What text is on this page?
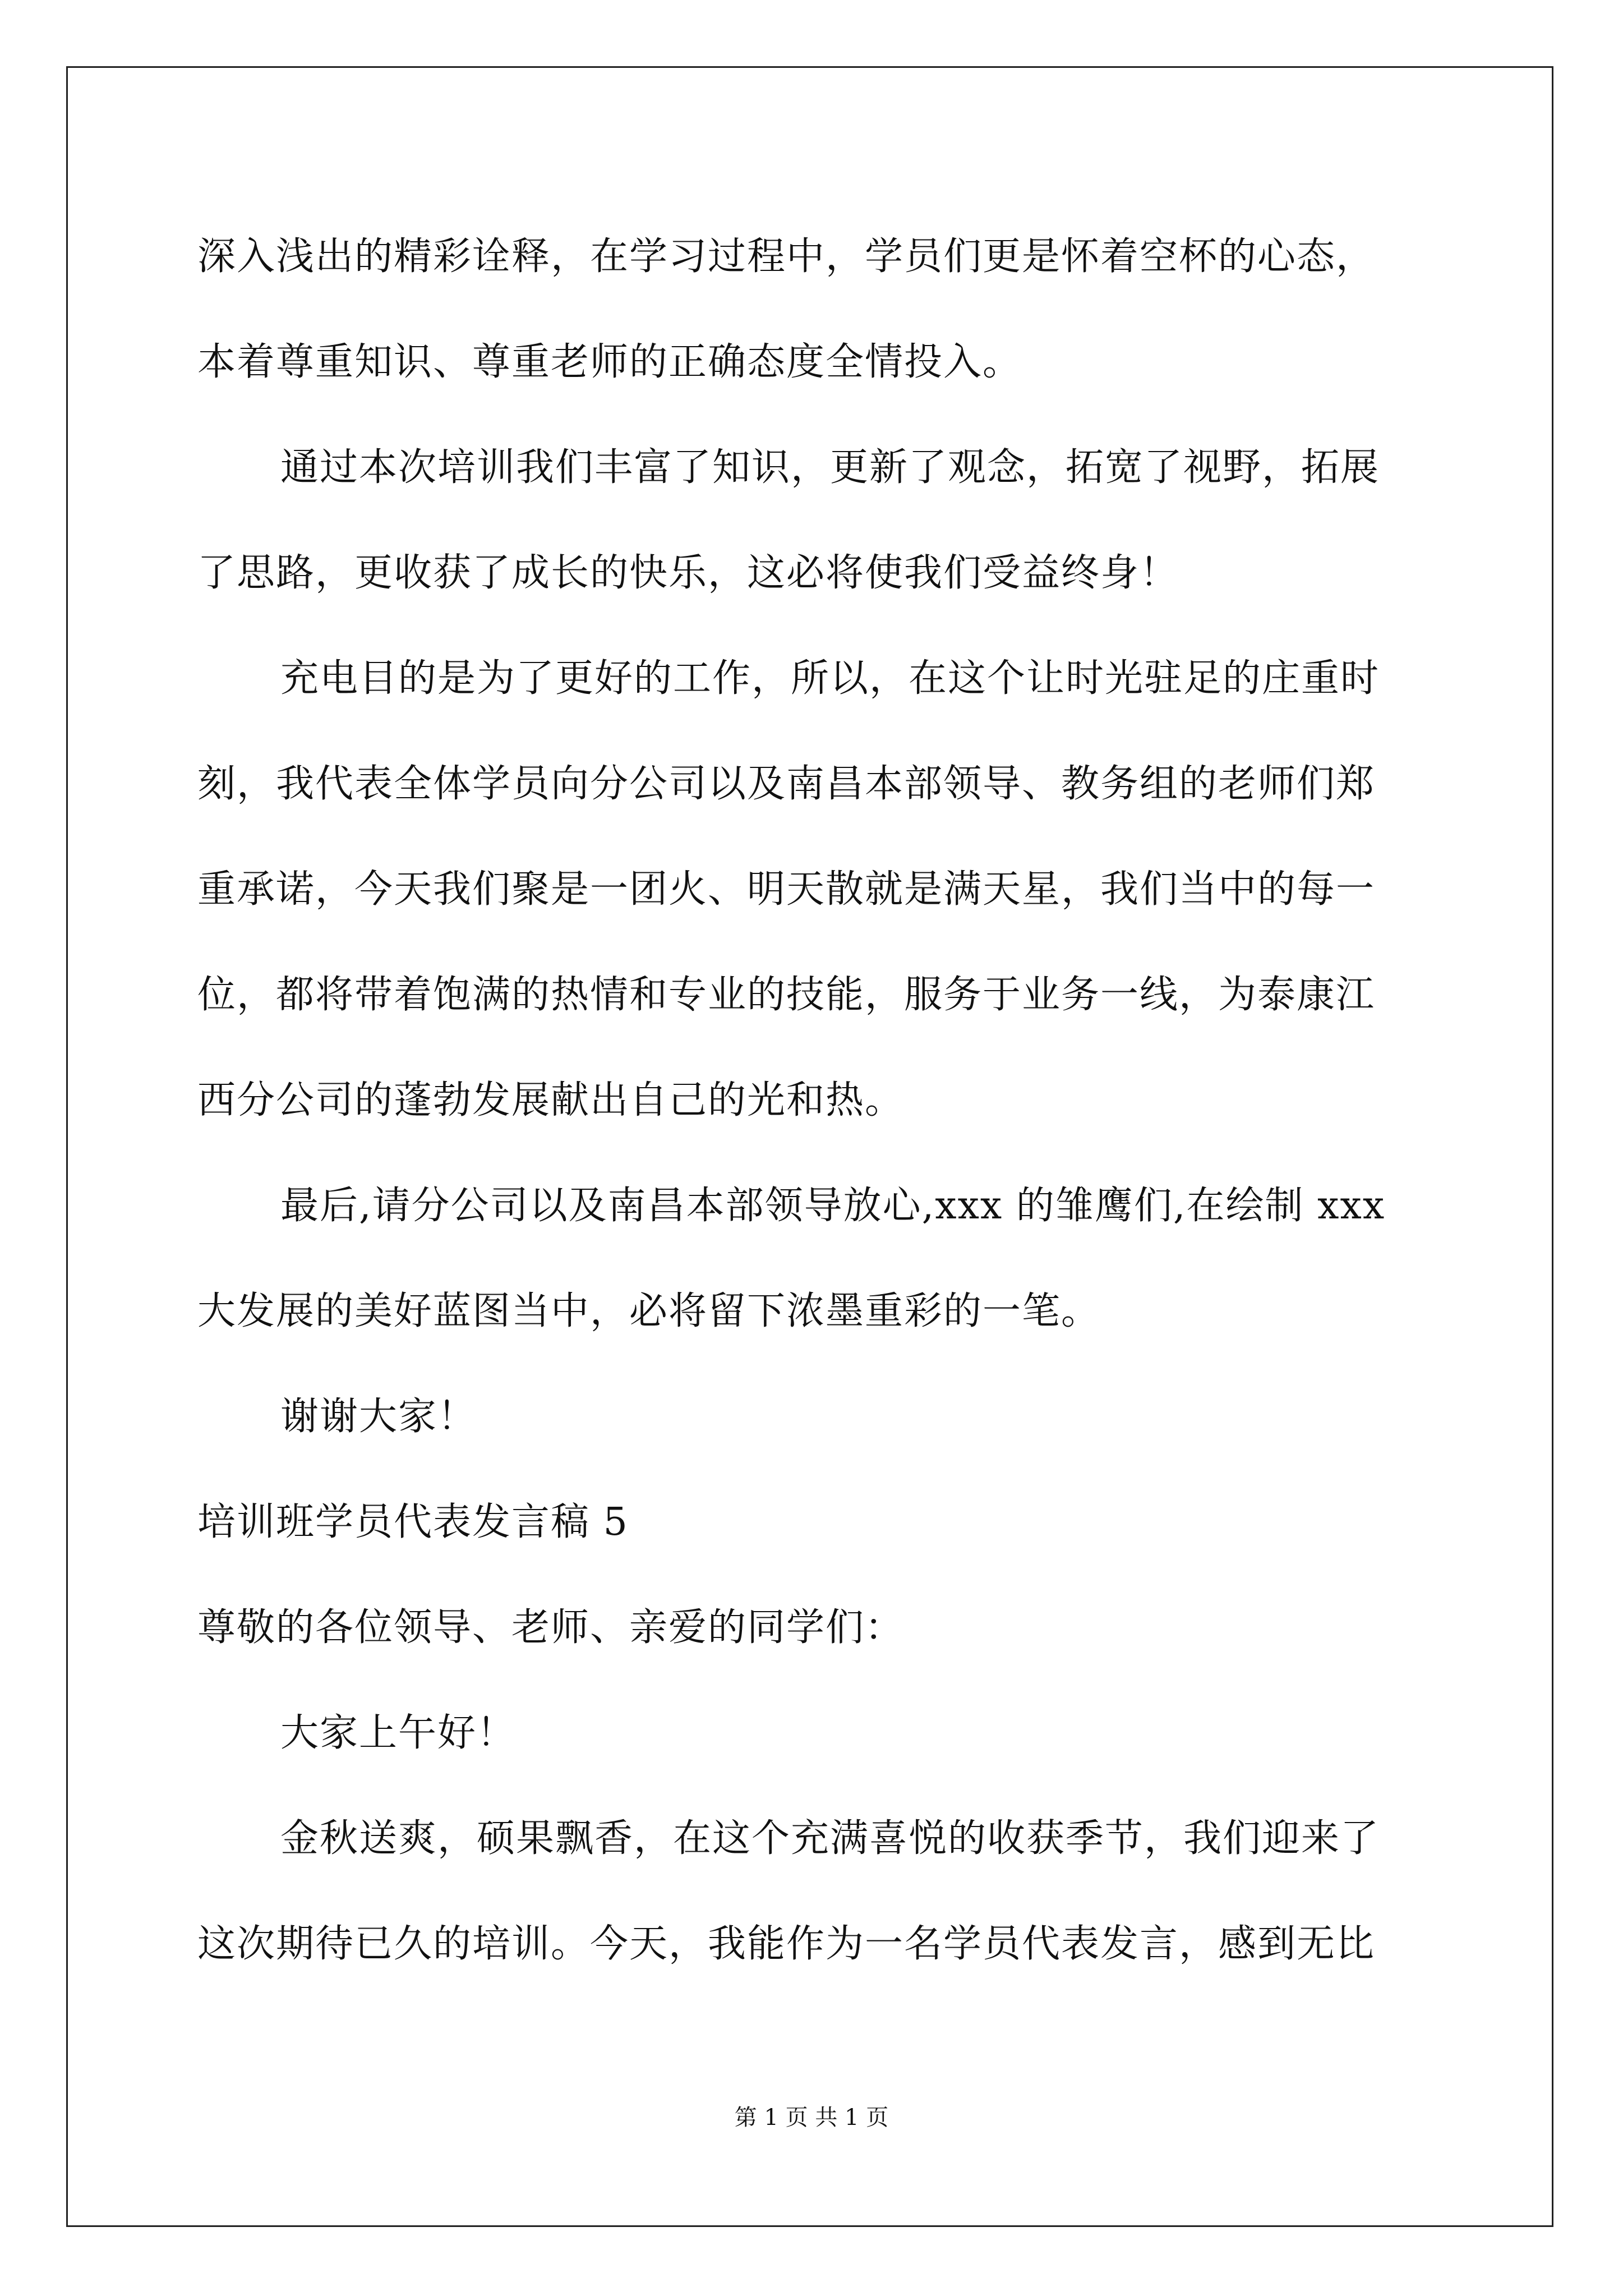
深入浅出的精彩诠释，在学习过程中，学员们更是怀着空杯的心态，
本着尊重知识、尊重老师的正确态度全情投入。
通过本次培训我们丰富了知识，更新了观念，拓宽了视野，拓展
了思路，更收获了成长的快乐，这必将使我们受益终身！
充电目的是为了更好的工作，所以，在这个让时光驻足的庄重时
刻，我代表全体学员向分公司以及南昌本部领导、教务组的老师们郑
重承诺，今天我们聚是一团火、明天散就是满天星，我们当中的每一
位，都将带着饱满的热情和专业的技能，服务于业务一线，为泰康江
西分公司的蓬勃发展献出自己的光和热。
最后,请分公司以及南昌本部领导放心,xxx 的雏鹰们,在绘制 xxx
大发展的美好蓝图当中，必将留下浓墨重彩的一笔。
谢谢大家！
培训班学员代表发言稿 5
尊敬的各位领导、老师、亲爱的同学们：
大家上午好！
金秋送爽，硕果飘香，在这个充满喜悦的收获季节，我们迎来了
这次期待已久的培训。今天，我能作为一名学员代表发言，感到无比
第 1 页 共 1 页
